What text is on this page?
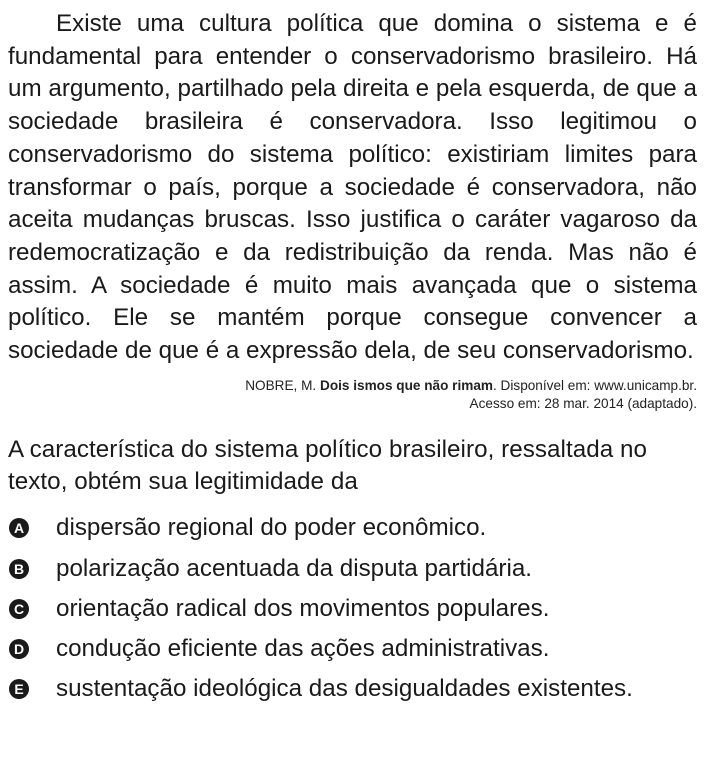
Existe uma cultura política que domina o sistema e é fundamental para entender o conservadorismo brasileiro. Há um argumento, partilhado pela direita e pela esquerda, de que a sociedade brasileira é conservadora. Isso legitimou o conservadorismo do sistema político: existiriam limites para transformar o país, porque a sociedade é conservadora, não aceita mudanças bruscas. Isso justifica o caráter vagaroso da redemocratização e da redistribuição da renda. Mas não é assim. A sociedade é muito mais avançada que o sistema político. Ele se mantém porque consegue convencer a sociedade de que é a expressão dela, de seu conservadorismo.

NOBRE, M. Dois ismos que não rimam. Disponível em: www.unicamp.br.
Acesso em: 28 mar. 2014 (adaptado).
A característica do sistema político brasileiro, ressaltada no texto, obtém sua legitimidade da
A dispersão regional do poder econômico.
B polarização acentuada da disputa partidária.
C orientação radical dos movimentos populares.
D condução eficiente das ações administrativas.
E sustentação ideológica das desigualdades existentes.
